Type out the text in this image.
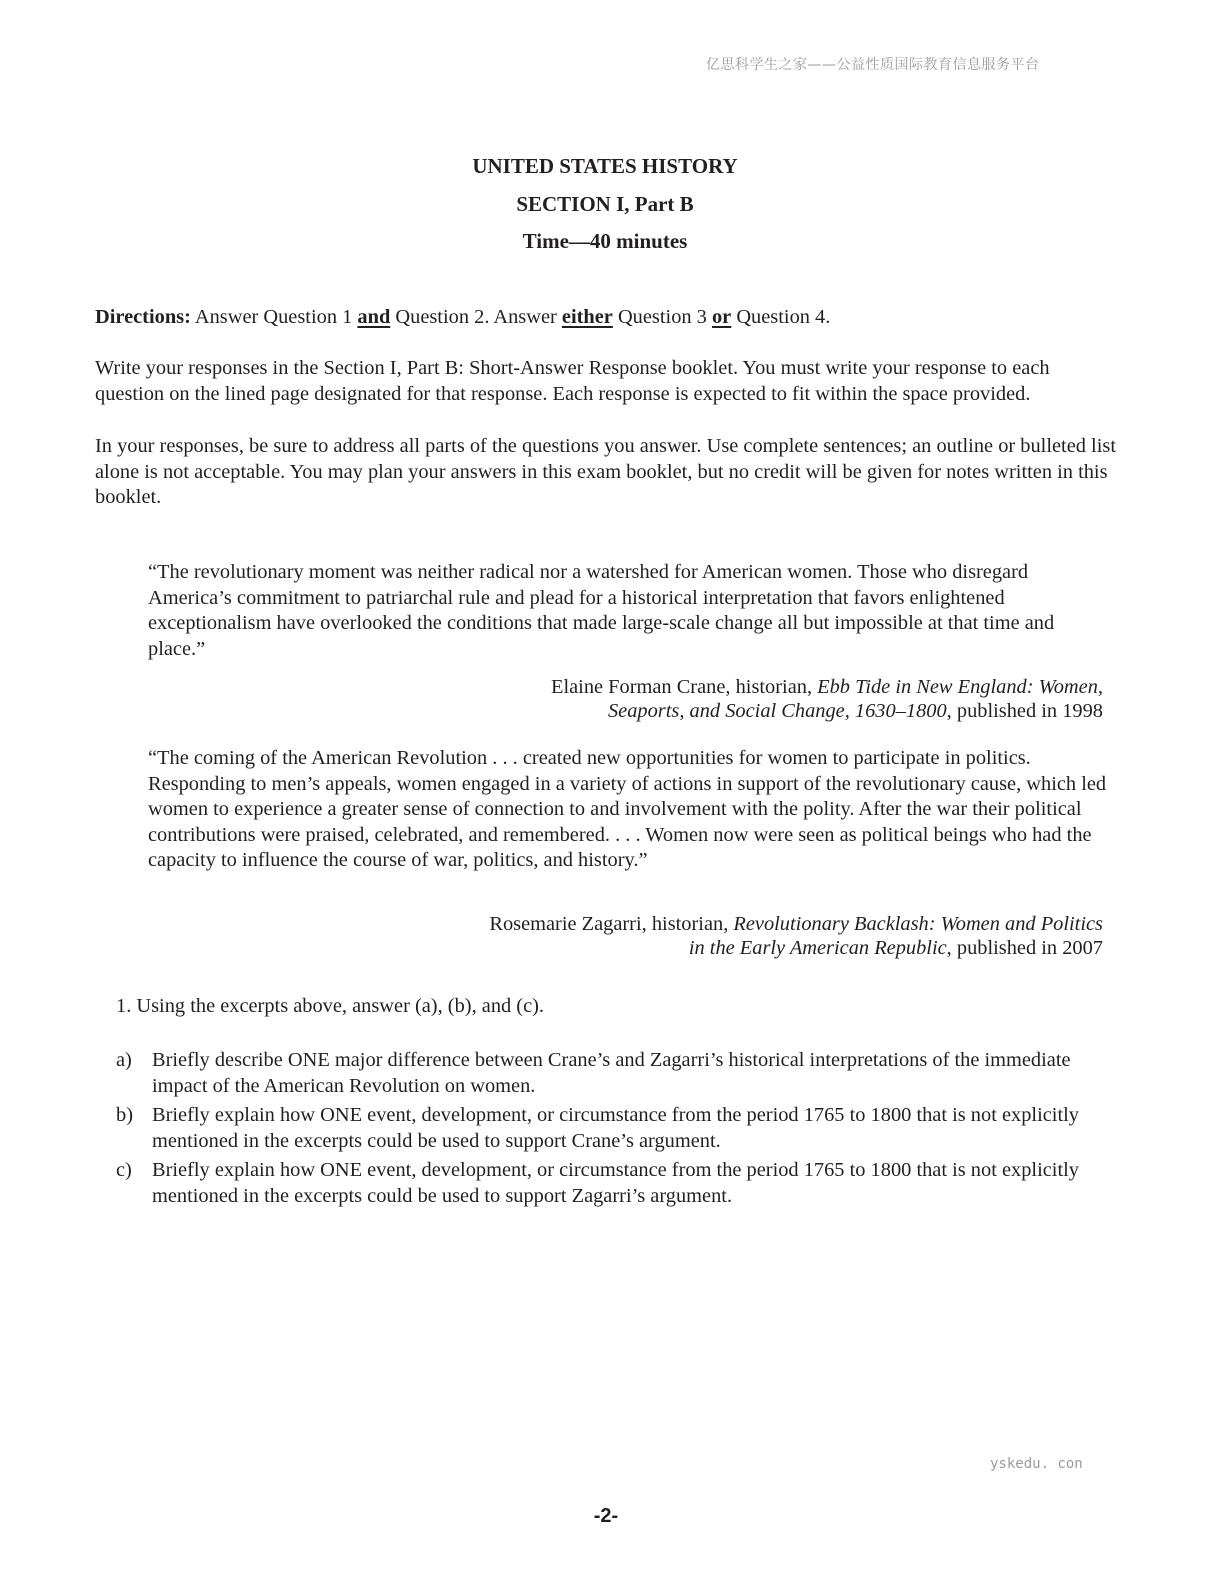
亿思科学生之家——公益性质国际教育信息服务平台
UNITED STATES HISTORY
SECTION I, Part B
Time—40 minutes

Directions: Answer Question 1 and Question 2. Answer either Question 3 or Question 4.

Write your responses in the Section I, Part B: Short-Answer Response booklet. You must write your response to each question on the lined page designated for that response. Each response is expected to fit within the space provided.

In your responses, be sure to address all parts of the questions you answer. Use complete sentences; an outline or bulleted list alone is not acceptable. You may plan your answers in this exam booklet, but no credit will be given for notes written in this booklet.

“The revolutionary moment was neither radical nor a watershed for American women. Those who disregard America’s commitment to patriarchal rule and plead for a historical interpretation that favors enlightened exceptionalism have overlooked the conditions that made large-scale change all but impossible at that time and place.”

Elaine Forman Crane, historian, Ebb Tide in New England: Women,
Seaports, and Social Change, 1630–1800, published in 1998

“The coming of the American Revolution . . . created new opportunities for women to participate in politics. Responding to men’s appeals, women engaged in a variety of actions in support of the revolutionary cause, which led women to experience a greater sense of connection to and involvement with the polity. After the war their political contributions were praised, celebrated, and remembered. . . . Women now were seen as political beings who had the capacity to influence the course of war, politics, and history.”

Rosemarie Zagarri, historian, Revolutionary Backlash: Women and Politics
in the Early American Republic, published in 2007

1. Using the excerpts above, answer (a), (b), and (c).

a) Briefly describe ONE major difference between Crane’s and Zagarri’s historical interpretations of the immediate impact of the American Revolution on women.
b) Briefly explain how ONE event, development, or circumstance from the period 1765 to 1800 that is not explicitly mentioned in the excerpts could be used to support Crane’s argument.
c) Briefly explain how ONE event, development, or circumstance from the period 1765 to 1800 that is not explicitly mentioned in the excerpts could be used to support Zagarri’s argument.
yskedu. con
-2-
